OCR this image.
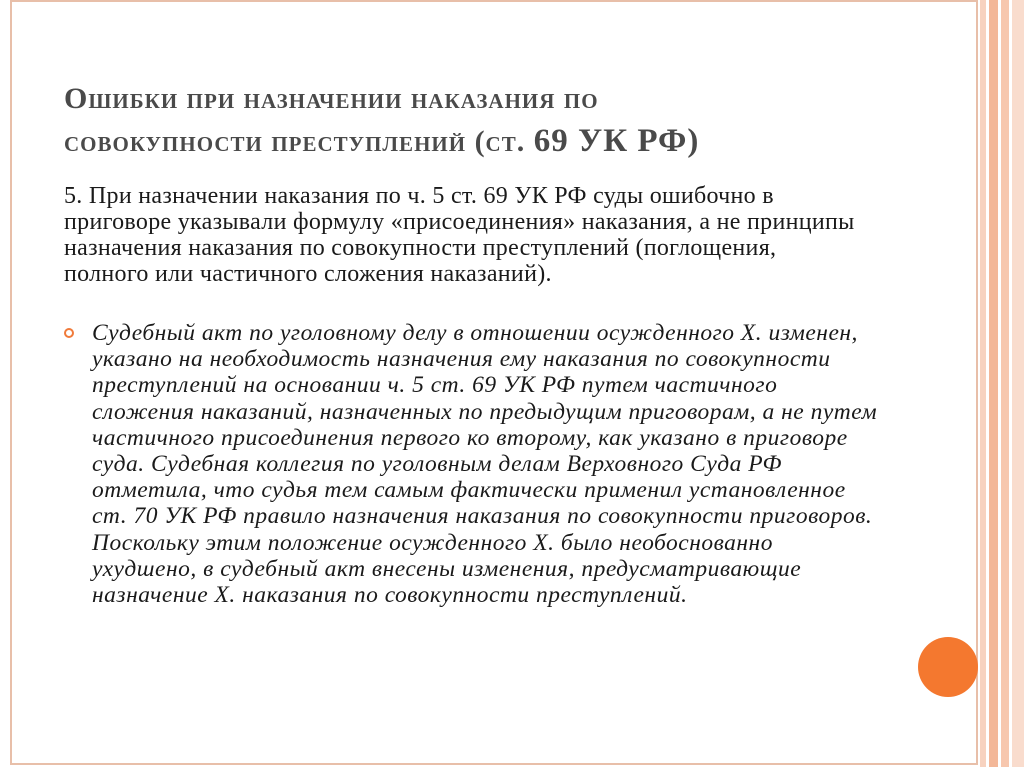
Ошибки при назначении наказания по
совокупности преступлений (ст. 69 УК РФ)
5. При назначении наказания по ч. 5 ст. 69 УК РФ суды ошибочно в приговоре указывали формулу «присоединения» наказания, а не принципы назначения наказания по совокупности преступлений (поглощения, полного или частичного сложения наказаний).
Судебный акт по уголовному делу в отношении осужденного Х. изменен, указано на необходимость назначения ему наказания по совокупности преступлений на основании ч. 5 ст. 69 УК РФ путем частичного сложения наказаний, назначенных по предыдущим приговорам, а не путем частичного присоединения первого ко второму, как указано в приговоре суда. Судебная коллегия по уголовным делам Верховного Суда РФ отметила, что судья тем самым фактически применил установленное ст. 70 УК РФ правило назначения наказания по совокупности приговоров. Поскольку этим положение осужденного Х. было необоснованно ухудшено, в судебный акт внесены изменения, предусматривающие назначение Х. наказания по совокупности преступлений.
